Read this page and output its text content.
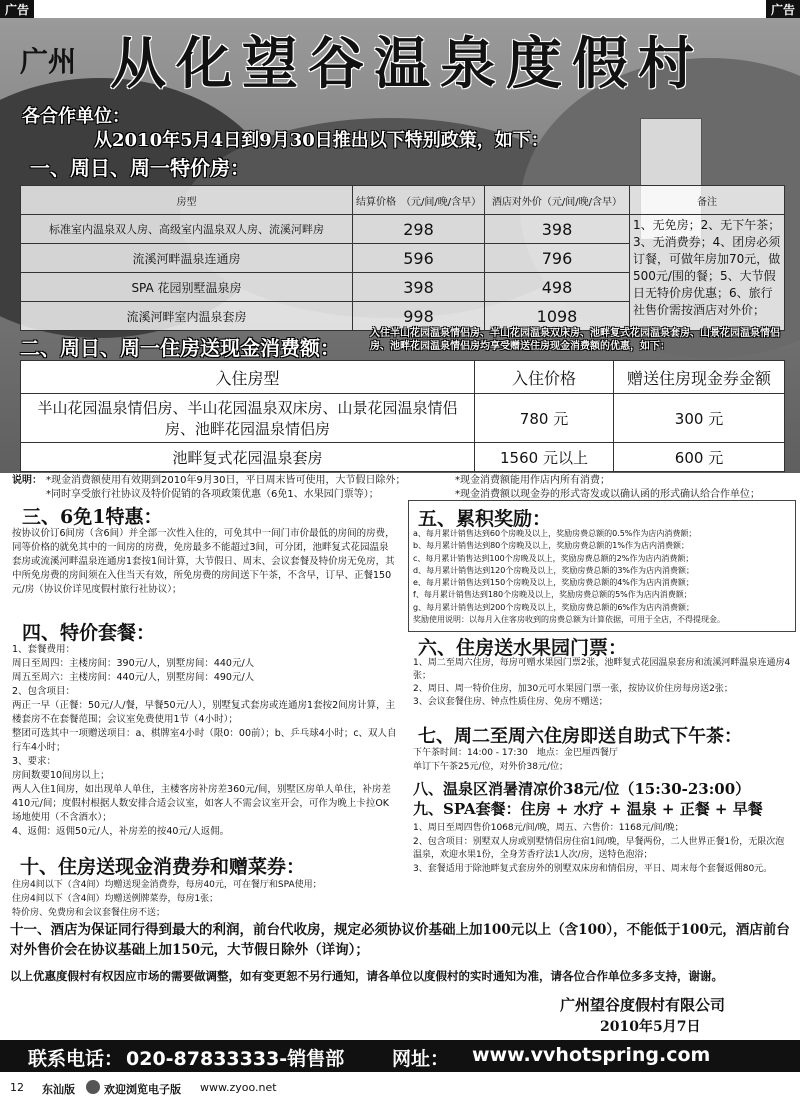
广告	广告
广州 从化望谷温泉度假村
各合作单位：
从2010年5月4日到9月30日推出以下特别政策，如下：
一、周日、周一特价房：
房型	结算价格　（元/间/晚/含早）	酒店对外价（元/间/晚/含早）	备注
标准室内温泉双人房、高级室内温泉双人房、流溪河畔房	298	398	1、无免房；2、无下午茶；3、无消费券；4、团房必须订餐，可做年房加70元，做500元/围的餐；5、大节假日无特价房优惠；6、旅行社售价需按酒店对外价；
流溪河畔温泉连通房	596	796	
SPA 花园别墅温泉房	398	498	
流溪河畔室内温泉套房	998	1098	
二、周日、周一住房送现金消费额：
入住半山花园温泉情侣房、半山花园温泉双床房、池畔复式花园温泉套房、山景花园温泉情侣房、池畔花园温泉情侣房均享受赠送住房现金消费额的优惠，如下：
入住房型	入住价格	赠送住房现金券金额
半山花园温泉情侣房、半山花园温泉双床房、山景花园温泉情侣房、池畔花园温泉情侣房	780 元	300 元
池畔复式花园温泉套房	1560 元以上	600 元
说明： *现金消费额使用有效期到2010年9月30日，平日周末皆可使用，大节假日除外；	*现金消费额能用作店内所有消费；
*同时享受旅行社协议及特价促销的各项政策优惠（6免1、水果园门票等）；	*现金消费额以现金券的形式寄发或以确认函的形式确认给合作单位；
三、6免1特惠：
按协议价订6间房（含6间）并全部一次性入住的，可免其中一间门市价最低的房间的房费，同等价格的就免其中的一间房的房费，免房最多不能超过3间，可分团，池畔复式花园温泉套房或流溪河畔温泉连通房1套按1间计算，大节假日、周末、会议套餐及特价房无免房，其中所免房费的房间须在入住当天有效，所免房费的房间送下午茶，不含早，订早、正餐150元/房（协议价详见度假村旅行社协议）；
四、特价套餐：
1、套餐费用：
周日至周四：主楼房间：390元/人，别墅房间：440元/人
周五至周六：主楼房间：440元/人，别墅房间：490元/人
2、包含项目：
两正一早（正餐：50元/人/餐，早餐50元/人），别墅复式套房或连通房1套按2间房计算，主楼套房不在套餐范围；会议室免费使用1节（4小时）；
整团可选其中一项赠送项目：a、棋牌室4小时（限0：00前）；b、乒乓球4小时；c、双人自行车4小时；
3、要求：
房间数要10间房以上；
两人入住1间房，如出现单人单住，主楼客房补房差360元/间，别墅区房单人单住，补房差410元/间；度假村根据人数安排合适会议室，如客人不需会议室开会，可作为晚上卡拉OK场地使用（不含酒水）；
4、返佣：返佣50元/人，补房差的按40元/人返佣。
五、累积奖励：
a、每月累计销售达到60个房晚及以上，奖励房费总额的0.5%作为店内消费额；
b、每月累计销售达到80个房晚及以上，奖励房费总额的1%作为店内消费额；
c、每月累计销售达到100个房晚及以上，奖励房费总额的2%作为店内消费额；
d、每月累计销售达到120个房晚及以上，奖励房费总额的3%作为店内消费额；
e、每月累计销售达到150个房晚及以上，奖励房费总额的4%作为店内消费额；
f、每月累计销售达到180个房晚及以上，奖励房费总额的5%作为店内消费额；
g、每月累计销售达到200个房晚及以上，奖励房费总额的6%作为店内消费额；
奖励使用说明：以每月入住客房收到的房费总额为计算依据，可用于全店，不得提现金。
六、住房送水果园门票：
1、周二至周六住房，每房可赠水果园门票2张，池畔复式花园温泉套房和流溪河畔温泉连通房4张；
2、周日、周一特价住房，加30元可水果园门票一张，按协议价住房每房送2张；
3、会议套餐住房、钟点性质住房、免房不赠送；
七、周二至周六住房即送自助式下午茶：
下午茶时间：14:00 - 17:30　地点：金巴厘西餐厅
单订下午茶25元/位，对外价38元/位；
八、温泉区消暑清凉价38元/位（15:30-23:00）
九、SPA套餐：住房 + 水疗 + 温泉 + 正餐 + 早餐
1、周日至周四售价1068元/间/晚，周五、六售价：1168元/间/晚；
2、包含项目：别墅双人房或别墅情侣房住宿1间/晚，早餐两份，二人世界正餐1份，无限次泡温泉，欢迎水果1份，全身芳香疗法1人次/房，送特色泡浴；
3、套餐适用于除池畔复式套房外的别墅双床房和情侣房，平日、周末每个套餐返佣80元。
十、住房送现金消费券和赠菜券：
住房4间以下（含4间）均赠送现金消费券，每房40元，可在餐厅和SPA使用；
住房4间以下（含4间）均赠送例牌菜券，每房1张；
特价房、免费房和会议套餐住房不送；
十一、酒店为保证同行得到最大的利润，前台代收房，规定必须协议价基础上加100元以上（含100），不能低于100元，酒店前台对外售价会在协议基础上加150元，大节假日除外（详询）；
以上优惠度假村有权因应市场的需要做调整，如有变更恕不另行通知，请各单位以度假村的实时通知为准，请各位合作单位多多支持，谢谢。
广州望谷度假村有限公司
2010年5月7日
联系电话： 020-87833333-销售部	网址： www.vvhotspring.com
12 东汕版	欢迎浏览电子版 www.zyoo.net
